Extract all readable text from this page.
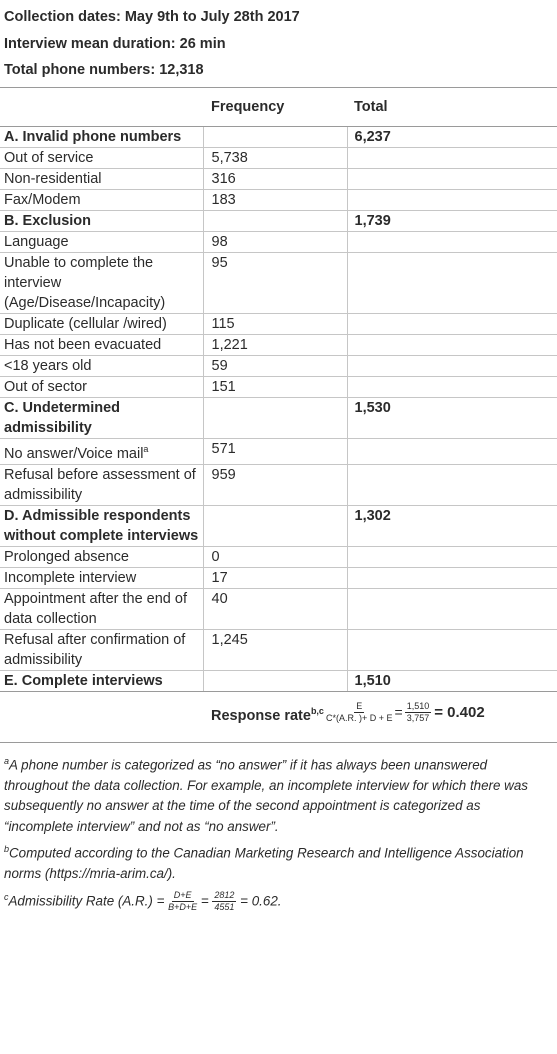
Collection dates: May 9th to July 28th 2017
Interview mean duration: 26 min
Total phone numbers: 12,318
Frequency	Total
A. Invalid phone numbers		6,237
Out of service	5,738	
Non-residential	316	
Fax/Modem	183	
B. Exclusion		1,739
Language	98	
Unable to complete the interview (Age/Disease/Incapacity)	95	
Duplicate (cellular /wired)	115	
Has not been evacuated	1,221	
<18 years old	59	
Out of sector	151	
C. Undetermined admissibility		1,530
No answer/Voice mail$^a$	571	
Refusal before assessment of admissibility	959	
D. Admissible respondents without complete interviews		1,302
Prolonged absence	0	
Incomplete interview	17	
Appointment after the end of data collection	40	
Refusal after confirmation of admissibility	1,245	
E. Complete interviews		1,510
Response rate$^{b,c}$ $\frac{E}{C*(A.R. )+ D + E} = \frac{1,510}{3,757} = 0.402$

$^a$A phone number is categorized as “no answer” if it has always been unanswered throughout the data collection. For example, an incomplete interview for which there was subsequently no answer at the time of the second appointment is categorized as “incomplete interview” and not as “no answer”.

$^b$Computed according to the Canadian Marketing Research and Intelligence Association norms (https://mria-arim.ca/).

$^c$Admissibility Rate $(A.R.) = \frac{D+E}{B+D+E} = \frac{2812}{4551} = 0.62$.
